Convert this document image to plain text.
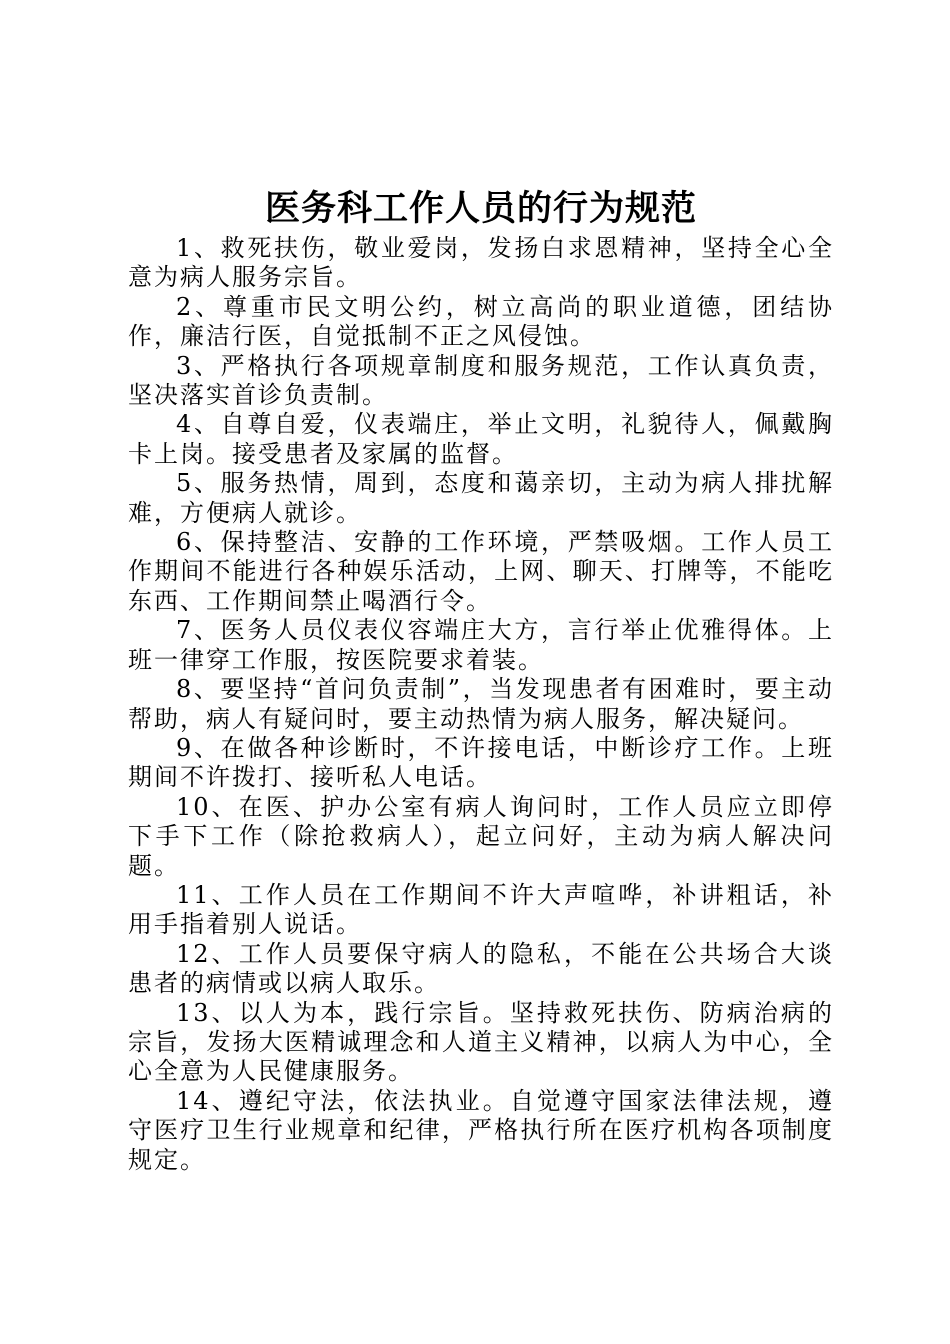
医务科工作人员的行为规范

1、救死扶伤，敬业爱岗，发扬白求恩精神，坚持全心全意为病人服务宗旨。

2、尊重市民文明公约，树立高尚的职业道德，团结协作，廉洁行医，自觉抵制不正之风侵蚀。

3、严格执行各项规章制度和服务规范，工作认真负责，坚决落实首诊负责制。

4、自尊自爱，仪表端庄，举止文明，礼貌待人，佩戴胸卡上岗。接受患者及家属的监督。

5、服务热情，周到，态度和蔼亲切，主动为病人排扰解难，方便病人就诊。

6、保持整洁、安静的工作环境，严禁吸烟。工作人员工作期间不能进行各种娱乐活动，上网、聊天、打牌等，不能吃东西、工作期间禁止喝酒行令。

7、医务人员仪表仪容端庄大方，言行举止优雅得体。上班一律穿工作服，按医院要求着装。

8、要坚持“首问负责制”，当发现患者有困难时，要主动帮助，病人有疑问时，要主动热情为病人服务，解决疑问。

9、在做各种诊断时，不许接电话，中断诊疗工作。上班期间不许拨打、接听私人电话。

10、在医、护办公室有病人询问时，工作人员应立即停下手下工作（除抢救病人），起立问好，主动为病人解决问题。

11、工作人员在工作期间不许大声喧哗，补讲粗话，补用手指着别人说话。

12、工作人员要保守病人的隐私，不能在公共场合大谈患者的病情或以病人取乐。

13、以人为本，践行宗旨。坚持救死扶伤、防病治病的宗旨，发扬大医精诚理念和人道主义精神，以病人为中心，全心全意为人民健康服务。

14、遵纪守法，依法执业。自觉遵守国家法律法规，遵守医疗卫生行业规章和纪律，严格执行所在医疗机构各项制度规定。
